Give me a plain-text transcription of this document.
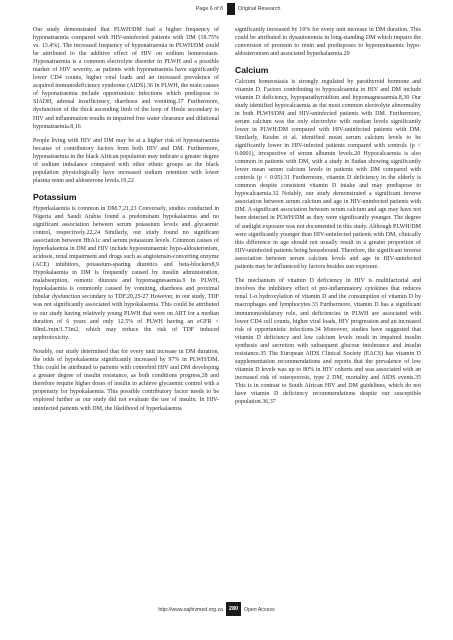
Page 6 of 8	Original Research

Our study demonstrated that PLWH/DM had a higher frequency of hyponatraemia compared with HIV-uninfected patients with DM (18.75% vs. 13.4%). The increased frequency of hyponatraemia in PLWH/DM could be attributed to the additive effect of HIV on sodium homeostasis. Hyponatraemia is a common electrolyte disorder in PLWH and a possible marker of HIV severity, as patients with hyponatraemia have significantly lower CD4 counts, higher viral loads and an increased prevalence of acquired immunodeficiency syndrome (AIDS).36 In PLWH, the main causes of hyponatraemia include opportunistic infections which predispose to SIADH, adrenal insufficiency, diarrhoea and vomiting.37 Furthermore, dysfunction of the thick ascending limb of the loop of Henle secondary to HIV and inflammation results in impaired free water clearance and dilutional hyponatraemia.8,16

People living with HIV and DM may be at a higher risk of hyponatraemia because of contributory factors from both HIV and DM. Furthermore, hyponatraemia in the black African population may indicate a greater degree of sodium imbalance compared with other ethnic groups as the black population physiologically have increased sodium retention with lower plasma renin and aldosterone levels.19,22

Potassium

Hyperkalaemia is common in DM.7,21,23 Conversely, studies conducted in Nigeria and Saudi Arabia found a predominant hypokalaemia and no significant association between serum potassium levels and glycaemic control, respectively.22,24 Similarly, our study found no significant association between HbA1c and serum potassium levels. Common causes of hyperkalaemia in DM and HIV include hyporeninaemic hypo-aldosteronism, acidosis, renal impairment and drugs such as angiotensin-converting enzyme (ACE) inhibitors, potassium-sparing diuretics and beta-blockers8,9 Hypokalaemia in DM is frequently caused by insulin administration, malabsorption, osmotic diuresis and hypomagnesaemia.9 In PLWH, hypokalaemia is commonly caused by vomiting, diarrhoea and proximal tubular dysfunction secondary to TDF.20,25-27 However, in our study, TDF was not significantly associated with hypokalaemia. This could be attributed to our study having relatively young PLWH that were on ART for a median duration of 6 years and only 12.5% of PLWH having an eGFR < 60mL/min/1.73m2, which may reduce the risk of TDF induced nephrotoxicity.

Notably, our study determined that for every unit increase in DM duration, the odds of hypokalaemia significantly increased by 97% in PLWH/DM. This could be attributed to patients with comorbid HIV and DM developing a greater degree of insulin resistance, as both conditions progress,28 and therefore require higher doses of insulin to achieve glycaemic control with a propensity for hypokalaemia. This possible contributory factor needs to be explored further as our study did not evaluate the use of insulin. In HIV-uninfected patients with DM, the likelihood of hyperkalaemia

significantly increased by 10% for every unit increase in DM duration. This could be attributed to dysautonomia in long-standing DM which impairs the conversion of prorenin to renin and predisposes to hyporeninaemic hypo-aldosteronism and associated hyperkalaemia.29

Calcium

Calcium homeostasis is strongly regulated by parathyroid hormone and vitamin D. Factors contributing to hypocalcaemia in HIV and DM include vitamin D deficiency, hypoparathyroidism and hypomagnesaemia.8,30 Our study identified hypocalcaemia as the most common electrolyte abnormality in both PLWH/DM and HIV-uninfected patients with DM. Furthermore, serum calcium was the only electrolyte with median levels significantly lower in PLWH/DM compared with HIV-uninfected patients with DM. Similarly, Keubn et al. identified mean serum calcium levels to be significantly lower in HIV-infected patients compared with controls (p < 0.0001), irrespective of serum albumin levels.20 Hypocalcaemia is also common in patients with DM, with a study in Sudan showing significantly lower mean serum calcium levels in patients with DM compared with controls (p < 0.05).31 Furthermore, vitamin D deficiency in the elderly is common despite consistent vitamin D intake and may predispose to hypocalcaemia.32 Notably, our study demonstrated a significant inverse association between serum calcium and age in HIV-uninfected patients with DM. A significant association between serum calcium and age may have not been detected in PLWH/DM as they were significantly younger. The degree of sunlight exposure was not documented in this study. Although PLWH/DM were significantly younger than HIV-uninfected patients with DM, clinically this difference in age should not usually result in a greater proportion of HIV-uninfected patients being housebound. Therefore, the significant inverse association between serum calcium levels and age in HIV-uninfected patients may be influenced by factors besides sun exposure.

The mechanism of vitamin D deficiency in HIV is multifactorial and involves the inhibitory effect of pro-inflammatory cytokines that reduces renal 1-α hydroxylation of vitamin D and the consumption of vitamin D by macrophages and lymphocytes.33 Furthermore, vitamin D has a significant immunomodulatory role, and deficiencies in PLWH are associated with lower CD4 cell counts, higher viral loads, HIV progression and an increased risk of opportunistic infections.34 Moreover, studies have suggested that vitamin D deficiency and low calcium levels result in impaired insulin synthesis and secretion with subsequent glucose intolerance and insulin resistance.35 The European AIDS Clinical Society (EACS) has vitamin D supplementation recommendations and reports that the prevalence of low vitamin D levels was up to 80% in HIV cohorts and was associated with an increased risk of osteoporosis, type 2 DM, mortality and AIDS events.35 This is in contrast to South African HIV and DM guidelines, which do not have vitamin D deficiency recommendations despite our susceptible population.36,37

http://www.sajhivmed.org.za	280	Open Access
